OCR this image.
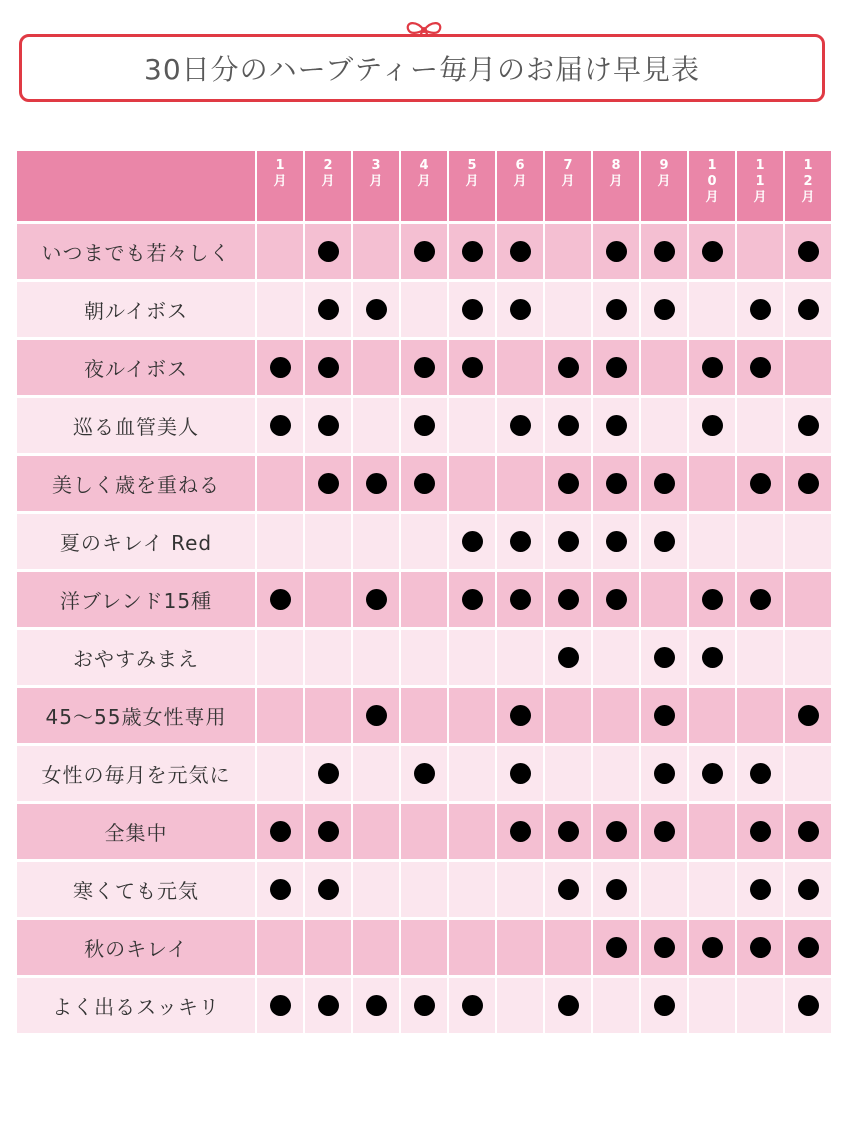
30日分のハーブティー毎月のお届け早見表
1
月
2
月
3
月
4
月
5
月
6
月
7
月
8
月
9
月
1
0
月
1
1
月
1
2
月
いつまでも若々しく
朝ルイボス
夜ルイボス
巡る血管美人
美しく歳を重ねる
夏のキレイ Red
洋ブレンド15種
おやすみまえ
45〜55歳女性専用
女性の毎月を元気に
全集中
寒くても元気
秋のキレイ
よく出るスッキリ
